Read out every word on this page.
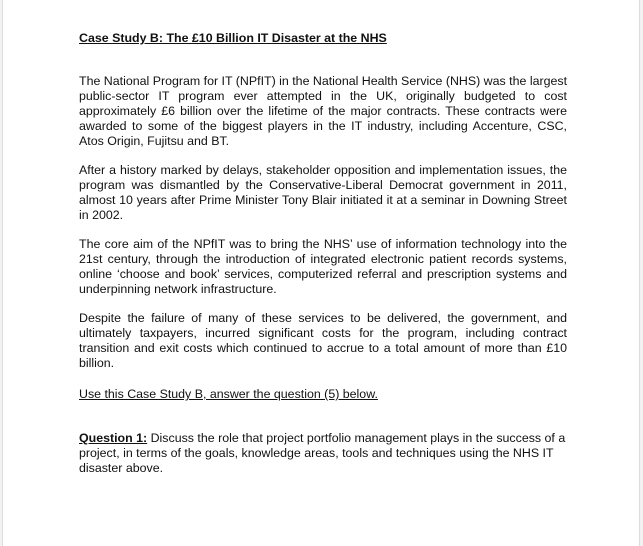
Case Study B: The £10 Billion IT Disaster at the NHS

The National Program for IT (NPfIT) in the National Health Service (NHS) was the largest public-sector IT program ever attempted in the UK, originally budgeted to cost approximately £6 billion over the lifetime of the major contracts. These contracts were awarded to some of the biggest players in the IT industry, including Accenture, CSC, Atos Origin, Fujitsu and BT.

After a history marked by delays, stakeholder opposition and implementation issues, the program was dismantled by the Conservative-Liberal Democrat government in 2011, almost 10 years after Prime Minister Tony Blair initiated it at a seminar in Downing Street in 2002.

The core aim of the NPfIT was to bring the NHS’ use of information technology into the 21st century, through the introduction of integrated electronic patient records systems, online ‘choose and book’ services, computerized referral and prescription systems and underpinning network infrastructure.

Despite the failure of many of these services to be delivered, the government, and ultimately taxpayers, incurred significant costs for the program, including contract transition and exit costs which continued to accrue to a total amount of more than £10 billion.

Use this Case Study B, answer the question (5) below.

Question 1: Discuss the role that project portfolio management plays in the success of a project, in terms of the goals, knowledge areas, tools and techniques using the NHS IT disaster above.
